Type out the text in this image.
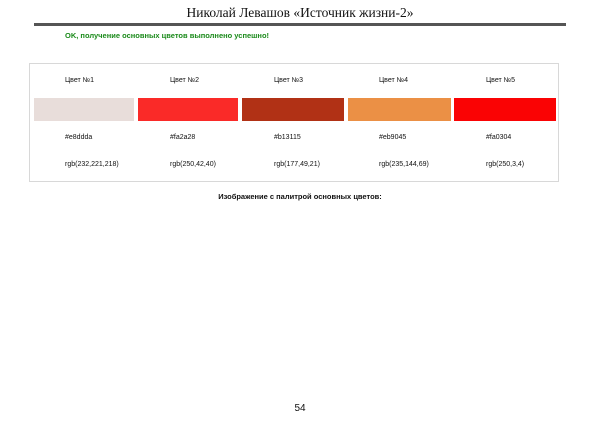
Николай Левашов «Источник жизни-2»
OK, получение основных цветов выполнено успешно!
Цвет №1
#e8ddda
rgb(232,221,218)
Цвет №2
#fa2a28
rgb(250,42,40)
Цвет №3
#b13115
rgb(177,49,21)
Цвет №4
#eb9045
rgb(235,144,69)
Цвет №5
#fa0304
rgb(250,3,4)
Изображение с палитрой основных цветов:
54
